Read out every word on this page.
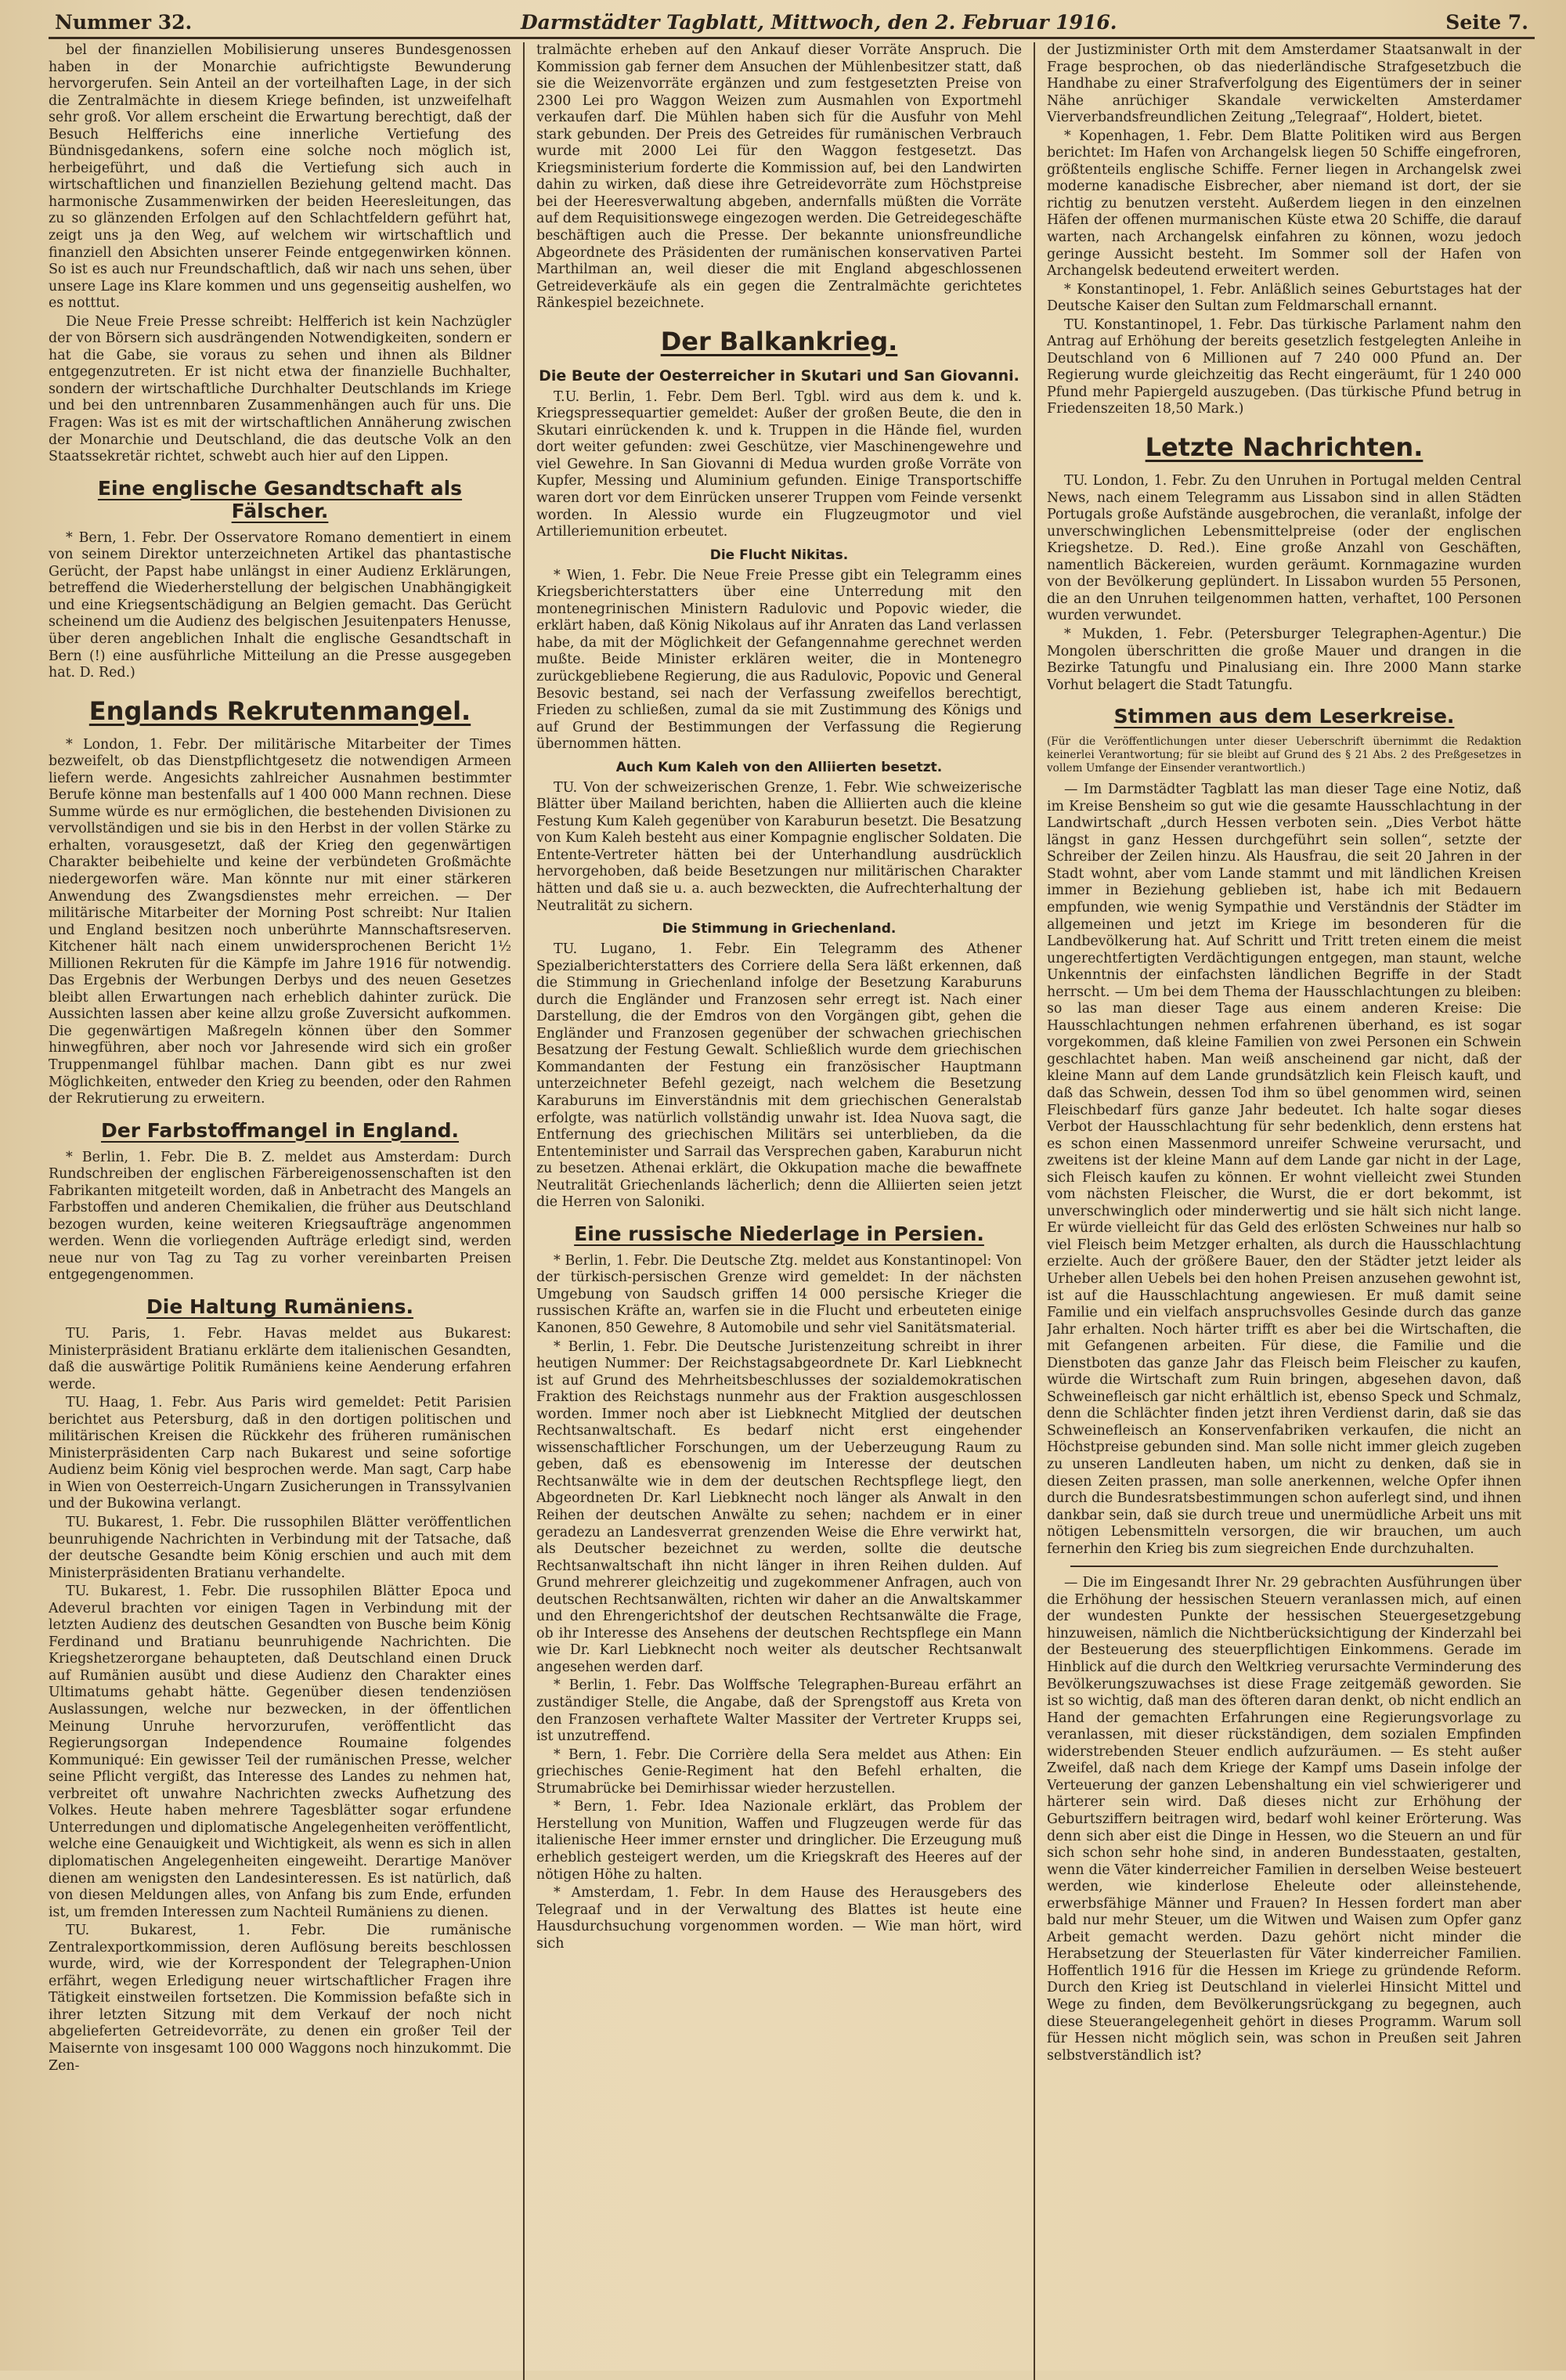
Nummer 32.	Darmstädter Tagblatt, Mittwoch, den 2. Februar 1916.	Seite 7.

bel der finanziellen Mobilisierung unseres Bundesgenossen haben in der Monarchie aufrichtigste Bewunderung hervorgerufen. Sein Anteil an der vorteilhaften Lage, in der sich die Zentralmächte in diesem Kriege befinden, ist unzweifelhaft sehr groß. Vor allem erscheint die Erwartung berechtigt, daß der Besuch Helfferichs eine innerliche Vertiefung des Bündnisgedankens, sofern eine solche noch möglich ist, herbeigeführt, und daß die Vertiefung sich auch in wirtschaftlichen und finanziellen Beziehung geltend macht. Das harmonische Zusammenwirken der beiden Heeresleitungen, das zu so glänzenden Erfolgen auf den Schlachtfeldern geführt hat, zeigt uns ja den Weg, auf welchem wir wirtschaftlich und finanziell den Absichten unserer Feinde entgegenwirken können. So ist es auch nur Freundschaftlich, daß wir nach uns sehen, über unsere Lage ins Klare kommen und uns gegenseitig aushelfen, wo es notttut.

Die Neue Freie Presse schreibt: Helfferich ist kein Nachzügler der von Börsern sich ausdrängenden Notwendigkeiten, sondern er hat die Gabe, sie voraus zu sehen und ihnen als Bildner entgegenzutreten. Er ist nicht etwa der finanzielle Buchhalter, sondern der wirtschaftliche Durchhalter Deutschlands im Kriege und bei den untrennbaren Zusammenhängen auch für uns. Die Fragen: Was ist es mit der wirtschaftlichen Annäherung zwischen der Monarchie und Deutschland, die das deutsche Volk an den Staatssekretär richtet, schwebt auch hier auf den Lippen.

Eine englische Gesandtschaft als Fälscher.

* Bern, 1. Febr. Der Osservatore Romano dementiert in einem von seinem Direktor unterzeichneten Artikel das phantastische Gerücht, der Papst habe unlängst in einer Audienz Erklärungen, betreffend die Wiederherstellung der belgischen Unabhängigkeit und eine Kriegsentschädigung an Belgien gemacht. Das Gerücht scheinend um die Audienz des belgischen Jesuitenpaters Henusse, über deren angeblichen Inhalt die englische Gesandtschaft in Bern (!) eine ausführliche Mitteilung an die Presse ausgegeben hat. D. Red.)

Englands Rekrutenmangel.

* London, 1. Febr. Der militärische Mitarbeiter der Times bezweifelt, ob das Dienstpflichtgesetz die notwendigen Armeen liefern werde. Angesichts zahlreicher Ausnahmen bestimmter Berufe könne man bestenfalls auf 1 400 000 Mann rechnen. Diese Summe würde es nur ermöglichen, die bestehenden Divisionen zu vervollständigen und sie bis in den Herbst in der vollen Stärke zu erhalten, vorausgesetzt, daß der Krieg den gegenwärtigen Charakter beibehielte und keine der verbündeten Großmächte niedergeworfen wäre. Man könnte nur mit einer stärkeren Anwendung des Zwangsdienstes mehr erreichen. — Der militärische Mitarbeiter der Morning Post schreibt: Nur Italien und England besitzen noch unberührte Mannschaftsreserven. Kitchener hält nach einem unwidersprochenen Bericht 1½ Millionen Rekruten für die Kämpfe im Jahre 1916 für notwendig. Das Ergebnis der Werbungen Derbys und des neuen Gesetzes bleibt allen Erwartungen nach erheblich dahinter zurück. Die Aussichten lassen aber keine allzu große Zuversicht aufkommen. Die gegenwärtigen Maßregeln können über den Sommer hinwegführen, aber noch vor Jahresende wird sich ein großer Truppenmangel fühlbar machen. Dann gibt es nur zwei Möglichkeiten, entweder den Krieg zu beenden, oder den Rahmen der Rekrutierung zu erweitern.

Der Farbstoffmangel in England.

* Berlin, 1. Febr. Die B. Z. meldet aus Amsterdam: Durch Rundschreiben der englischen Färbereigenossenschaften ist den Fabrikanten mitgeteilt worden, daß in Anbetracht des Mangels an Farbstoffen und anderen Chemikalien, die früher aus Deutschland bezogen wurden, keine weiteren Kriegsaufträge angenommen werden. Wenn die vorliegenden Aufträge erledigt sind, werden neue nur von Tag zu Tag zu vorher vereinbarten Preisen entgegengenommen.

Die Haltung Rumäniens.

TU. Paris, 1. Febr. Havas meldet aus Bukarest: Ministerpräsident Bratianu erklärte dem italienischen Gesandten, daß die auswärtige Politik Rumäniens keine Aenderung erfahren werde.

TU. Haag, 1. Febr. Aus Paris wird gemeldet: Petit Parisien berichtet aus Petersburg, daß in den dortigen politischen und militärischen Kreisen die Rückkehr des früheren rumänischen Ministerpräsidenten Carp nach Bukarest und seine sofortige Audienz beim König viel besprochen werde. Man sagt, Carp habe in Wien von Oesterreich-Ungarn Zusicherungen in Transsylvanien und der Bukowina verlangt.

TU. Bukarest, 1. Febr. Die russophilen Blätter veröffentlichen beunruhigende Nachrichten in Verbindung mit der Tatsache, daß der deutsche Gesandte beim König erschien und auch mit dem Ministerpräsidenten Bratianu verhandelte.

TU. Bukarest, 1. Febr. Die russophilen Blätter Epoca und Adeverul brachten vor einigen Tagen in Verbindung mit der letzten Audienz des deutschen Gesandten von Busche beim König Ferdinand und Bratianu beunruhigende Nachrichten. Die Kriegshetzerorgane behaupteten, daß Deutschland einen Druck auf Rumänien ausübt und diese Audienz den Charakter eines Ultimatums gehabt hätte. Gegenüber diesen tendenziösen Auslassungen, welche nur bezwecken, in der öffentlichen Meinung Unruhe hervorzurufen, veröffentlicht das Regierungsorgan Independence Roumaine folgendes Kommuniqué: Ein gewisser Teil der rumänischen Presse, welcher seine Pflicht vergißt, das Interesse des Landes zu nehmen hat, verbreitet oft unwahre Nachrichten zwecks Aufhetzung des Volkes. Heute haben mehrere Tagesblätter sogar erfundene Unterredungen und diplomatische Angelegenheiten veröffentlicht, welche eine Genauigkeit und Wichtigkeit, als wenn es sich in allen diplomatischen Angelegenheiten eingeweiht. Derartige Manöver dienen am wenigsten den Landesinteressen. Es ist natürlich, daß von diesen Meldungen alles, von Anfang bis zum Ende, erfunden ist, um fremden Interessen zum Nachteil Rumäniens zu dienen.

TU. Bukarest, 1. Febr. Die rumänische Zentralexportkommission, deren Auflösung bereits beschlossen wurde, wird, wie der Korrespondent der Telegraphen-Union erfährt, wegen Erledigung neuer wirtschaftlicher Fragen ihre Tätigkeit einstweilen fortsetzen. Die Kommission befaßte sich in ihrer letzten Sitzung mit dem Verkauf der noch nicht abgelieferten Getreidevorräte, zu denen ein großer Teil der Maisernte von insgesamt 100 000 Waggons noch hinzukommt. Die Zen-

tralmächte erheben auf den Ankauf dieser Vorräte Anspruch. Die Kommission gab ferner dem Ansuchen der Mühlenbesitzer statt, daß sie die Weizenvorräte ergänzen und zum festgesetzten Preise von 2300 Lei pro Waggon Weizen zum Ausmahlen von Exportmehl verkaufen darf. Die Mühlen haben sich für die Ausfuhr von Mehl stark gebunden. Der Preis des Getreides für rumänischen Verbrauch wurde mit 2000 Lei für den Waggon festgesetzt. Das Kriegsministerium forderte die Kommission auf, bei den Landwirten dahin zu wirken, daß diese ihre Getreidevorräte zum Höchstpreise bei der Heeresverwaltung abgeben, andernfalls müßten die Vorräte auf dem Requisitionswege eingezogen werden. Die Getreidegeschäfte beschäftigen auch die Presse. Der bekannte unionsfreundliche Abgeordnete des Präsidenten der rumänischen konservativen Partei Marthilman an, weil dieser die mit England abgeschlossenen Getreideverkäufe als ein gegen die Zentralmächte gerichtetes Ränkespiel bezeichnete.

Der Balkankrieg.
Die Beute der Oesterreicher in Skutari und San Giovanni.

T.U. Berlin, 1. Febr. Dem Berl. Tgbl. wird aus dem k. und k. Kriegspressequartier gemeldet: Außer der großen Beute, die den in Skutari einrückenden k. und k. Truppen in die Hände fiel, wurden dort weiter gefunden: zwei Geschütze, vier Maschinengewehre und viel Gewehre. In San Giovanni di Medua wurden große Vorräte von Kupfer, Messing und Aluminium gefunden. Einige Transportschiffe waren dort vor dem Einrücken unserer Truppen vom Feinde versenkt worden. In Alessio wurde ein Flugzeugmotor und viel Artilleriemunition erbeutet.

Die Flucht Nikitas.

* Wien, 1. Febr. Die Neue Freie Presse gibt ein Telegramm eines Kriegsberichterstatters über eine Unterredung mit den montenegrinischen Ministern Radulovic und Popovic wieder, die erklärt haben, daß König Nikolaus auf ihr Anraten das Land verlassen habe, da mit der Möglichkeit der Gefangennahme gerechnet werden mußte. Beide Minister erklären weiter, die in Montenegro zurückgebliebene Regierung, die aus Radulovic, Popovic und General Besovic bestand, sei nach der Verfassung zweifellos berechtigt, Frieden zu schließen, zumal da sie mit Zustimmung des Königs und auf Grund der Bestimmungen der Verfassung die Regierung übernommen hätten.

Auch Kum Kaleh von den Alliierten besetzt.

TU. Von der schweizerischen Grenze, 1. Febr. Wie schweizerische Blätter über Mailand berichten, haben die Alliierten auch die kleine Festung Kum Kaleh gegenüber von Karaburun besetzt. Die Besatzung von Kum Kaleh besteht aus einer Kompagnie englischer Soldaten. Die Entente-Vertreter hätten bei der Unterhandlung ausdrücklich hervorgehoben, daß beide Besetzungen nur militärischen Charakter hätten und daß sie u. a. auch bezweckten, die Aufrechterhaltung der Neutralität zu sichern.

Die Stimmung in Griechenland.

TU. Lugano, 1. Febr. Ein Telegramm des Athener Spezialberichterstatters des Corriere della Sera läßt erkennen, daß die Stimmung in Griechenland infolge der Besetzung Karaburuns durch die Engländer und Franzosen sehr erregt ist. Nach einer Darstellung, die der Emdros von den Vorgängen gibt, gehen die Engländer und Franzosen gegenüber der schwachen griechischen Besatzung der Festung Gewalt. Schließlich wurde dem griechischen Kommandanten der Festung ein französischer Hauptmann unterzeichneter Befehl gezeigt, nach welchem die Besetzung Karaburuns im Einverständnis mit dem griechischen Generalstab erfolgte, was natürlich vollständig unwahr ist. Idea Nuova sagt, die Entfernung des griechischen Militärs sei unterblieben, da die Ententeminister und Sarrail das Versprechen gaben, Karaburun nicht zu besetzen. Athenai erklärt, die Okkupation mache die bewaffnete Neutralität Griechenlands lächerlich; denn die Alliierten seien jetzt die Herren von Saloniki.

Eine russische Niederlage in Persien.

* Berlin, 1. Febr. Die Deutsche Ztg. meldet aus Konstantinopel: Von der türkisch-persischen Grenze wird gemeldet: In der nächsten Umgebung von Saudsch griffen 14 000 persische Krieger die russischen Kräfte an, warfen sie in die Flucht und erbeuteten einige Kanonen, 850 Gewehre, 8 Automobile und sehr viel Sanitätsmaterial.

* Berlin, 1. Febr. Die Deutsche Juristenzeitung schreibt in ihrer heutigen Nummer: Der Reichstagsabgeordnete Dr. Karl Liebknecht ist auf Grund des Mehrheitsbeschlusses der sozialdemokratischen Fraktion des Reichstags nunmehr aus der Fraktion ausgeschlossen worden. Immer noch aber ist Liebknecht Mitglied der deutschen Rechtsanwaltschaft. Es bedarf nicht erst eingehender wissenschaftlicher Forschungen, um der Ueberzeugung Raum zu geben, daß es ebensowenig im Interesse der deutschen Rechtsanwälte wie in dem der deutschen Rechtspflege liegt, den Abgeordneten Dr. Karl Liebknecht noch länger als Anwalt in den Reihen der deutschen Anwälte zu sehen; nachdem er in einer geradezu an Landesverrat grenzenden Weise die Ehre verwirkt hat, als Deutscher bezeichnet zu werden, sollte die deutsche Rechtsanwaltschaft ihn nicht länger in ihren Reihen dulden. Auf Grund mehrerer gleichzeitig und zugekommener Anfragen, auch von deutschen Rechtsanwälten, richten wir daher an die Anwaltskammer und den Ehrengerichtshof der deutschen Rechtsanwälte die Frage, ob ihr Interesse des Ansehens der deutschen Rechtspflege ein Mann wie Dr. Karl Liebknecht noch weiter als deutscher Rechtsanwalt angesehen werden darf.

* Berlin, 1. Febr. Das Wolffsche Telegraphen-Bureau erfährt an zuständiger Stelle, die Angabe, daß der Sprengstoff aus Kreta von den Franzosen verhaftete Walter Massiter der Vertreter Krupps sei, ist unzutreffend.

* Bern, 1. Febr. Die Corrière della Sera meldet aus Athen: Ein griechisches Genie-Regiment hat den Befehl erhalten, die Strumabrücke bei Demirhissar wieder herzustellen.

* Bern, 1. Febr. Idea Nazionale erklärt, das Problem der Herstellung von Munition, Waffen und Flugzeugen werde für das italienische Heer immer ernster und dringlicher. Die Erzeugung muß erheblich gesteigert werden, um die Kriegskraft des Heeres auf der nötigen Höhe zu halten.

* Amsterdam, 1. Febr. In dem Hause des Herausgebers des Telegraaf und in der Verwaltung des Blattes ist heute eine Hausdurchsuchung vorgenommen worden. — Wie man hört, wird sich

der Justizminister Orth mit dem Amsterdamer Staatsanwalt in der Frage besprochen, ob das niederländische Strafgesetzbuch die Handhabe zu einer Strafverfolgung des Eigentümers der in seiner Nähe anrüchiger Skandale verwickelten Amsterdamer Vierverbandsfreundlichen Zeitung „Telegraaf“, Holdert, bietet.

* Kopenhagen, 1. Febr. Dem Blatte Politiken wird aus Bergen berichtet: Im Hafen von Archangelsk liegen 50 Schiffe eingefroren, größtenteils englische Schiffe. Ferner liegen in Archangelsk zwei moderne kanadische Eisbrecher, aber niemand ist dort, der sie richtig zu benutzen versteht. Außerdem liegen in den einzelnen Häfen der offenen murmanischen Küste etwa 20 Schiffe, die darauf warten, nach Archangelsk einfahren zu können, wozu jedoch geringe Aussicht besteht. Im Sommer soll der Hafen von Archangelsk bedeutend erweitert werden.

* Konstantinopel, 1. Febr. Anläßlich seines Geburtstages hat der Deutsche Kaiser den Sultan zum Feldmarschall ernannt.

TU. Konstantinopel, 1. Febr. Das türkische Parlament nahm den Antrag auf Erhöhung der bereits gesetzlich festgelegten Anleihe in Deutschland von 6 Millionen auf 7 240 000 Pfund an. Der Regierung wurde gleichzeitig das Recht eingeräumt, für 1 240 000 Pfund mehr Papiergeld auszugeben. (Das türkische Pfund betrug in Friedenszeiten 18,50 Mark.)

Letzte Nachrichten.

TU. London, 1. Febr. Zu den Unruhen in Portugal melden Central News, nach einem Telegramm aus Lissabon sind in allen Städten Portugals große Aufstände ausgebrochen, die veranlaßt, infolge der unverschwinglichen Lebensmittelpreise (oder der englischen Kriegshetze. D. Red.). Eine große Anzahl von Geschäften, namentlich Bäckereien, wurden geräumt. Kornmagazine wurden von der Bevölkerung geplündert. In Lissabon wurden 55 Personen, die an den Unruhen teilgenommen hatten, verhaftet, 100 Personen wurden verwundet.

* Mukden, 1. Febr. (Petersburger Telegraphen-Agentur.) Die Mongolen überschritten die große Mauer und drangen in die Bezirke Tatungfu und Pinalusiang ein. Ihre 2000 Mann starke Vorhut belagert die Stadt Tatungfu.

Stimmen aus dem Leserkreise.

(Für die Veröffentlichungen unter dieser Ueberschrift übernimmt die Redaktion keinerlei Verantwortung; für sie bleibt auf Grund des § 21 Abs. 2 des Preßgesetzes in vollem Umfange der Einsender verantwortlich.)

— Im Darmstädter Tagblatt las man dieser Tage eine Notiz, daß im Kreise Bensheim so gut wie die gesamte Hausschlachtung in der Landwirtschaft „durch Hessen verboten sein. „Dies Verbot hätte längst in ganz Hessen durchgeführt sein sollen“, setzte der Schreiber der Zeilen hinzu. Als Hausfrau, die seit 20 Jahren in der Stadt wohnt, aber vom Lande stammt und mit ländlichen Kreisen immer in Beziehung geblieben ist, habe ich mit Bedauern empfunden, wie wenig Sympathie und Verständnis der Städter im allgemeinen und jetzt im Kriege im besonderen für die Landbevölkerung hat. Auf Schritt und Tritt treten einem die meist ungerechtfertigten Verdächtigungen entgegen, man staunt, welche Unkenntnis der einfachsten ländlichen Begriffe in der Stadt herrscht. — Um bei dem Thema der Hausschlachtungen zu bleiben: so las man dieser Tage aus einem anderen Kreise: Die Hausschlachtungen nehmen erfahrenen überhand, es ist sogar vorgekommen, daß kleine Familien von zwei Personen ein Schwein geschlachtet haben. Man weiß anscheinend gar nicht, daß der kleine Mann auf dem Lande grundsätzlich kein Fleisch kauft, und daß das Schwein, dessen Tod ihm so übel genommen wird, seinen Fleischbedarf fürs ganze Jahr bedeutet. Ich halte sogar dieses Verbot der Hausschlachtung für sehr bedenklich, denn erstens hat es schon einen Massenmord unreifer Schweine verursacht, und zweitens ist der kleine Mann auf dem Lande gar nicht in der Lage, sich Fleisch kaufen zu können. Er wohnt vielleicht zwei Stunden vom nächsten Fleischer, die Wurst, die er dort bekommt, ist unverschwinglich oder minderwertig und sie hält sich nicht lange. Er würde vielleicht für das Geld des erlösten Schweines nur halb so viel Fleisch beim Metzger erhalten, als durch die Hausschlachtung erzielte. Auch der größere Bauer, den der Städter jetzt leider als Urheber allen Uebels bei den hohen Preisen anzusehen gewohnt ist, ist auf die Hausschlachtung angewiesen. Er muß damit seine Familie und ein vielfach anspruchsvolles Gesinde durch das ganze Jahr erhalten. Noch härter trifft es aber bei die Wirtschaften, die mit Gefangenen arbeiten. Für diese, die Familie und die Dienstboten das ganze Jahr das Fleisch beim Fleischer zu kaufen, würde die Wirtschaft zum Ruin bringen, abgesehen davon, daß Schweinefleisch gar nicht erhältlich ist, ebenso Speck und Schmalz, denn die Schlächter finden jetzt ihren Verdienst darin, daß sie das Schweinefleisch an Konservenfabriken verkaufen, die nicht an Höchstpreise gebunden sind. Man solle nicht immer gleich zugeben zu unseren Landleuten haben, um nicht zu denken, daß sie in diesen Zeiten prassen, man solle anerkennen, welche Opfer ihnen durch die Bundesratsbestimmungen schon auferlegt sind, und ihnen dankbar sein, daß sie durch treue und unermüdliche Arbeit uns mit nötigen Lebensmitteln versorgen, die wir brauchen, um auch fernerhin den Krieg bis zum siegreichen Ende durchzuhalten.

— Die im Eingesandt Ihrer Nr. 29 gebrachten Ausführungen über die Erhöhung der hessischen Steuern veranlassen mich, auf einen der wundesten Punkte der hessischen Steuergesetzgebung hinzuweisen, nämlich die Nichtberücksichtigung der Kinderzahl bei der Besteuerung des steuerpflichtigen Einkommens. Gerade im Hinblick auf die durch den Weltkrieg verursachte Verminderung des Bevölkerungszuwachses ist diese Frage zeitgemäß geworden. Sie ist so wichtig, daß man des öfteren daran denkt, ob nicht endlich an Hand der gemachten Erfahrungen eine Regierungsvorlage zu veranlassen, mit dieser rückständigen, dem sozialen Empfinden widerstrebenden Steuer endlich aufzuräumen. — Es steht außer Zweifel, daß nach dem Kriege der Kampf ums Dasein infolge der Verteuerung der ganzen Lebenshaltung ein viel schwierigerer und härterer sein wird. Daß dieses nicht zur Erhöhung der Geburtsziffern beitragen wird, bedarf wohl keiner Erörterung. Was denn sich aber eist die Dinge in Hessen, wo die Steuern an und für sich schon sehr hohe sind, in anderen Bundesstaaten, gestalten, wenn die Väter kinderreicher Familien in derselben Weise besteuert werden, wie kinderlose Eheleute oder alleinstehende, erwerbsfähige Männer und Frauen? In Hessen fordert man aber bald nur mehr Steuer, um die Witwen und Waisen zum Opfer ganz Arbeit gemacht werden. Dazu gehört nicht minder die Herabsetzung der Steuerlasten für Väter kinderreicher Familien. Hoffentlich 1916 für die Hessen im Kriege zu gründende Reform. Durch den Krieg ist Deutschland in vielerlei Hinsicht Mittel und Wege zu finden, dem Bevölkerungsrückgang zu begegnen, auch diese Steuerangelegenheit gehört in dieses Programm. Warum soll für Hessen nicht möglich sein, was schon in Preußen seit Jahren selbstverständlich ist?
